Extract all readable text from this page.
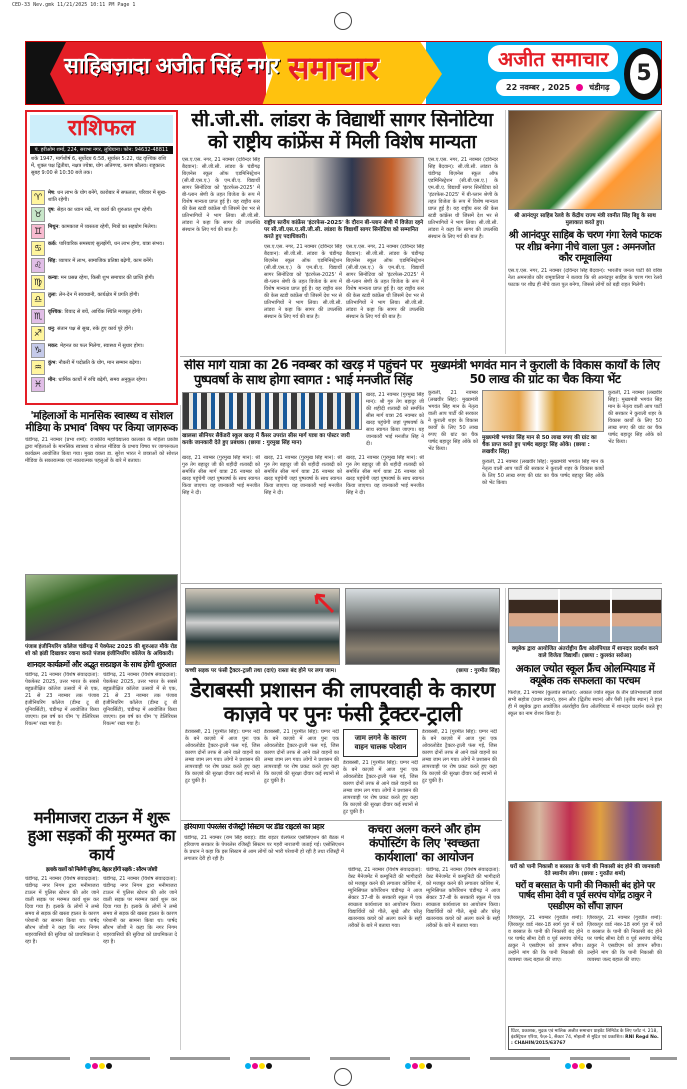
CED-33 Nev.gmk 11/21/2025 10:11 PM Page 1
साहिबज़ादा अजीत सिंह नगर समाचार	अजीत समाचार
22 नवम्बर , 2025 चंडीगढ़
5
राशिफल
पं. हरीओम शर्मा, 224, सराभा नगर, लुधियाना। फोन: 94632-48811
शके 1947, मार्गशीर्ष 6, सूर्योदय 6:58, सूर्यास्त 5:22, चंद्र वृश्चिक राशि में, शुक्ल पक्ष द्वितीया, नक्षत्र ज्येष्ठा, योग अतिगण्ड, करण कौलव। राहुकाल: सुबह 9:00 से 10:30 बजे तक।
♈	मेष: धन लाभ के योग बनेंगे, कारोबार में सफलता, परिवार में सुख-शांति रहेगी।

♉	वृष: सेहत का ध्यान रखें, नए कार्य की शुरुआत शुभ रहेगी।

♊	मिथुन: कामकाज में व्यस्तता रहेगी, मित्रों का सहयोग मिलेगा।

♋	कर्क: पारिवारिक समस्याएं सुलझेंगी, धन लाभ होगा, यात्रा संभव।

♌	सिंह: व्यापार में लाभ, सामाजिक प्रतिष्ठा बढ़ेगी, काम बनेंगे।

♍	कन्या: मन प्रसन्न रहेगा, किसी शुभ समाचार की प्राप्ति होगी।

♎	तुला: लेन-देन में सावधानी, कार्यक्षेत्र में प्रगति होगी।

♏	वृश्चिक: विवाद से बचें, आर्थिक स्थिति मजबूत होगी।

♐	धनु: संतान पक्ष से सुख, रुके हुए कार्य पूरे होंगे।

♑	मकर: मेहनत का फल मिलेगा, स्वास्थ्य में सुधार होगा।

♒	कुंभ: नौकरी में पदोन्नति के योग, मान सम्मान बढ़ेगा।

♓	मीन: धार्मिक कार्यों में रुचि बढ़ेगी, समय अनुकूल रहेगा।

'महिलाओं के मानसिक स्वास्थ्य व सोशल मीडिया के प्रभाव' विषय पर किया जागरूक
चंडीगढ़, 21 नवम्बर (प्रभा शर्मा): राजकीय महाविद्यालय कालका के महिला प्रकोष्ठ द्वारा महिलाओं के मानसिक स्वास्थ्य व सोशल मीडिया के प्रभाव विषय पर जागरूकता कार्यक्रम आयोजित किया गया। मुख्य वक्ता डा. सुरेश भारत ने छात्राओं को सोशल मीडिया के सकारात्मक एवं नकारात्मक पहलुओं के बारे में बताया।
पंजाब इंजीनियरिंग कॉलेज चंडीगढ़ में पेक्फेस्ट 2025 की शुरुआत मौके रोड शो को झंडी दिखाकर रवाना करते पंजाब इंजीनियरिंग कॉलेज के अधिकारी।
शानदार कार्यक्रमों और अद्भुत सरप्राइज के साथ होगी शुरुआत
चंडीगढ़, 21 नवम्बर (विशेष संवाददाता): पेकफेस्ट 2025, उत्तर भारत के सबसे बहुप्रतीक्षित कॉलेज उत्सवों में से एक, 21 से 23 नवम्बर तक पंजाब इंजीनियरिंग कॉलेज (डीम्ड टू बी यूनिवर्सिटी), चंडीगढ़ में आयोजित किया जाएगा। इस वर्ष का थीम 'ए डेलिरियस रियल्म' रखा गया है।
चंडीगढ़, 21 नवम्बर (विशेष संवाददाता): पेकफेस्ट 2025, उत्तर भारत के सबसे बहुप्रतीक्षित कॉलेज उत्सवों में से एक, 21 से 23 नवम्बर तक पंजाब इंजीनियरिंग कॉलेज (डीम्ड टू बी यूनिवर्सिटी), चंडीगढ़ में आयोजित किया जाएगा। इस वर्ष का थीम 'ए डेलिरियस रियल्म' रखा गया है।
मनीमाजरा टाऊन में शुरू हुआ सड़कों की मुरम्मत का कार्य
इलाके वालों को मिलेगी सुविधा, बेहतर होंगी सड़कें : सौरभ जोशी
चंडीगढ़, 21 नवम्बर (विशेष संवाददाता): चंडीगढ़ नगर निगम द्वारा मनीमाजरा टाऊन में पुलिस स्टेशन की ओर जाने वाली सड़क पर मरम्मत कार्य शुरू कर दिया गया है। इलाके के लोगों ने लम्बे समय से सड़क की खस्ता हालत के कारण परेशानी का सामना किया था। पार्षद सौरभ जोशी ने कहा कि नगर निगम शहरवासियों की सुविधा को प्राथमिकता दे रहा है।
चंडीगढ़, 21 नवम्बर (विशेष संवाददाता): चंडीगढ़ नगर निगम द्वारा मनीमाजरा टाऊन में पुलिस स्टेशन की ओर जाने वाली सड़क पर मरम्मत कार्य शुरू कर दिया गया है। इलाके के लोगों ने लम्बे समय से सड़क की खस्ता हालत के कारण परेशानी का सामना किया था। पार्षद सौरभ जोशी ने कहा कि नगर निगम शहरवासियों की सुविधा को प्राथमिकता दे रहा है।
सी.जी.सी. लांडरा के विद्यार्थी सागर सिनोटिया को राष्ट्रीय कांफ्रेंस में मिली विशेष मान्यता
एस.ए.एस. नगर, 21 नवम्बर (दविन्दर सिंह बैदवान): सी.जी.सी. लांडरा के चंडीगढ़ बिज़नेस स्कूल ऑफ एडमिनिस्ट्रेशन (सी.बी.एस.ए.) के एम.बी.ए. विद्यार्थी सागर सिनोटिया को 'इंटरफेस-2025' में बी-प्लान श्रेणी के तहत विजेता के रूप में विशेष मान्यता प्राप्त हुई है। यह राष्ट्रीय स्तर की केस स्टडी कांफ्रेंस थी जिसमें देश भर से प्रतिभागियों ने भाग लिया। सी.जी.सी. लांडरा ने कहा कि सागर की उपलब्धि संस्थान के लिए गर्व की बात है।
राष्ट्रीय स्तरीय कांफ्रेंस 'इंटरफेस-2025' के दौरान बी-प्लान श्रेणी में विजेता रहने पर सी.जी.एस.ए.सी.जी.सी. लांडरा के विद्यार्थी सागर सिनोटिया को सम्मानित करते हुए पदाधिकारी।
एस.ए.एस. नगर, 21 नवम्बर (दविन्दर सिंह बैदवान): सी.जी.सी. लांडरा के चंडीगढ़ बिज़नेस स्कूल ऑफ एडमिनिस्ट्रेशन (सी.बी.एस.ए.) के एम.बी.ए. विद्यार्थी सागर सिनोटिया को 'इंटरफेस-2025' में बी-प्लान श्रेणी के तहत विजेता के रूप में विशेष मान्यता प्राप्त हुई है। यह राष्ट्रीय स्तर की केस स्टडी कांफ्रेंस थी जिसमें देश भर से प्रतिभागियों ने भाग लिया। सी.जी.सी. लांडरा ने कहा कि सागर की उपलब्धि संस्थान के लिए गर्व की बात है।
एस.ए.एस. नगर, 21 नवम्बर (दविन्दर सिंह बैदवान): सी.जी.सी. लांडरा के चंडीगढ़ बिज़नेस स्कूल ऑफ एडमिनिस्ट्रेशन (सी.बी.एस.ए.) के एम.बी.ए. विद्यार्थी सागर सिनोटिया को 'इंटरफेस-2025' में बी-प्लान श्रेणी के तहत विजेता के रूप में विशेष मान्यता प्राप्त हुई है। यह राष्ट्रीय स्तर की केस स्टडी कांफ्रेंस थी जिसमें देश भर से प्रतिभागियों ने भाग लिया। सी.जी.सी. लांडरा ने कहा कि सागर की उपलब्धि संस्थान के लिए गर्व की बात है।
एस.ए.एस. नगर, 21 नवम्बर (दविन्दर सिंह बैदवान): सी.जी.सी. लांडरा के चंडीगढ़ बिज़नेस स्कूल ऑफ एडमिनिस्ट्रेशन (सी.बी.एस.ए.) के एम.बी.ए. विद्यार्थी सागर सिनोटिया को 'इंटरफेस-2025' में बी-प्लान श्रेणी के तहत विजेता के रूप में विशेष मान्यता प्राप्त हुई है। यह राष्ट्रीय स्तर की केस स्टडी कांफ्रेंस थी जिसमें देश भर से प्रतिभागियों ने भाग लिया। सी.जी.सी. लांडरा ने कहा कि सागर की उपलब्धि संस्थान के लिए गर्व की बात है।
श्री आनंदपुर साहिब रेलवे के केंद्रीय राज्य मंत्री रवनीत सिंह बिट्टू के साथ मुलाकात करते हुए।
श्री आनंदपुर साहिब के चरण गंगा रेलवे फाटक पर शीघ्र बनेगा नीचे वाला पुल : अमनजोत कौर रामूवालिया
एस.ए.एस. नगर, 21 नवम्बर (दविन्दर सिंह बैदवान): भारतीय जनता पार्टी की वरिष्ठ नेता अमनजोत कौर रामूवालिया ने बताया कि श्री आनंदपुर साहिब के चरण गंगा रेलवे फाटक पर शीघ्र ही नीचे वाला पुल बनेगा, जिससे लोगों को बड़ी राहत मिलेगी।
सीस मार्ग यात्रा का 26 नवम्बर को खरड़ में पहुंचने पर पुष्पवर्षा के साथ होगा स्वागत : भाई मनजीत सिंह
खालसा सीनियर सैकेंडरी स्कूल खरड़ में कैंसर उपरांत सीस मार्ग यात्रा का पोस्टर जारी करके जानकारी देते हुए प्रबंधक। (छाया : गुरमुख सिंह मान)
खरड़, 21 नवम्बर (गुरमुख सिंह मान): श्री गुरु तेग बहादुर जी की शहीदी शताब्दी को समर्पित सीस मार्ग यात्रा 26 नवम्बर को खरड़ पहुंचेगी जहां पुष्पवर्षा के साथ स्वागत किया जाएगा। यह जानकारी भाई मनजीत सिंह ने दी।
खरड़, 21 नवम्बर (गुरमुख सिंह मान): श्री गुरु तेग बहादुर जी की शहीदी शताब्दी को समर्पित सीस मार्ग यात्रा 26 नवम्बर को खरड़ पहुंचेगी जहां पुष्पवर्षा के साथ स्वागत किया जाएगा। यह जानकारी भाई मनजीत सिंह ने दी।
खरड़, 21 नवम्बर (गुरमुख सिंह मान): श्री गुरु तेग बहादुर जी की शहीदी शताब्दी को समर्पित सीस मार्ग यात्रा 26 नवम्बर को खरड़ पहुंचेगी जहां पुष्पवर्षा के साथ स्वागत किया जाएगा। यह जानकारी भाई मनजीत सिंह ने दी।
खरड़, 21 नवम्बर (गुरमुख सिंह मान): श्री गुरु तेग बहादुर जी की शहीदी शताब्दी को समर्पित सीस मार्ग यात्रा 26 नवम्बर को खरड़ पहुंचेगी जहां पुष्पवर्षा के साथ स्वागत किया जाएगा। यह जानकारी भाई मनजीत सिंह ने दी।
मुख्यमंत्री भगवंत मान ने कुराली के विकास कार्यों के लिए 50 लाख की ग्रांट का चैक किया भेंट
कुराली, 21 नवम्बर (लखवीर सिंह): मुख्यमंत्री भगवंत सिंह मान के नेतृत्व वाली आप पार्टी की सरकार ने कुराली शहर के विकास कार्यों के लिए 50 लाख रुपए की ग्रांट का चैक पार्षद बहादुर सिंह ओके को भेंट किया।
मुख्यमंत्री भगवंत सिंह मान से 50 लाख रुपए की ग्रांट का चैक प्राप्त करते हुए पार्षद बहादुर सिंह ओके। (छाया : लखवीर सिंह)
कुराली, 21 नवम्बर (लखवीर सिंह): मुख्यमंत्री भगवंत सिंह मान के नेतृत्व वाली आप पार्टी की सरकार ने कुराली शहर के विकास कार्यों के लिए 50 लाख रुपए की ग्रांट का चैक पार्षद बहादुर सिंह ओके को भेंट किया।
कुराली, 21 नवम्बर (लखवीर सिंह): मुख्यमंत्री भगवंत सिंह मान के नेतृत्व वाली आप पार्टी की सरकार ने कुराली शहर के विकास कार्यों के लिए 50 लाख रुपए की ग्रांट का चैक पार्षद बहादुर सिंह ओके को भेंट किया।
कच्ची सड़क पर फंसी ट्रैक्टर-ट्राली तथा (दाएं) रास्ता बंद होने पर लगा जाम।	(छाया : गुरमीत सिंह)
डेराबस्सी प्रशासन की लापरवाही के कारण काज़वे पर पुनः फंसी ट्रैक्टर-ट्राली
डेराबस्सी, 21 (गुरमीत सिंह): घग्गर नदी के बने काज़वे में आज पुनः एक ओवरलोडेड ट्रैक्टर-ट्राली फंस गई, जिस कारण दोनों तरफ से आने वाले वाहनों का लम्बा जाम लग गया। लोगों ने प्रशासन की लापरवाही पर रोष प्रकट करते हुए कहा कि काज़वे की सुरक्षा दीवार कई स्थानों से टूट चुकी है।
डेराबस्सी, 21 (गुरमीत सिंह): घग्गर नदी के बने काज़वे में आज पुनः एक ओवरलोडेड ट्रैक्टर-ट्राली फंस गई, जिस कारण दोनों तरफ से आने वाले वाहनों का लम्बा जाम लग गया। लोगों ने प्रशासन की लापरवाही पर रोष प्रकट करते हुए कहा कि काज़वे की सुरक्षा दीवार कई स्थानों से टूट चुकी है।
जाम लगने के कारण वाहन चालक परेशान
डेराबस्सी, 21 (गुरमीत सिंह): घग्गर नदी के बने काज़वे में आज पुनः एक ओवरलोडेड ट्रैक्टर-ट्राली फंस गई, जिस कारण दोनों तरफ से आने वाले वाहनों का लम्बा जाम लग गया। लोगों ने प्रशासन की लापरवाही पर रोष प्रकट करते हुए कहा कि काज़वे की सुरक्षा दीवार कई स्थानों से टूट चुकी है।
डेराबस्सी, 21 (गुरमीत सिंह): घग्गर नदी के बने काज़वे में आज पुनः एक ओवरलोडेड ट्रैक्टर-ट्राली फंस गई, जिस कारण दोनों तरफ से आने वाले वाहनों का लम्बा जाम लग गया। लोगों ने प्रशासन की लापरवाही पर रोष प्रकट करते हुए कहा कि काज़वे की सुरक्षा दीवार कई स्थानों से टूट चुकी है।
क्यूबेक द्वारा आयोजित अंतर्राष्ट्रीय फ्रैंच ओलंपियाड में शानदार प्रदर्शन करने वाले विजेता विद्यार्थी। (छाया : कुलवंत सरोआ)
अकाल ज्योत स्कूल फ्रैंच ओलम्पियाड में क्यूबेक तक सफलता का परचम
फिरोज़, 21 नवम्बर (कुलवंत सरोआ): अकाल ज्योत स्कूल के तीन प्रतिभाशाली छात्रों सभी सहोत्रा (प्रथम स्थान), हरुन और (द्वितीय स्थान) और पैसी (तृतीय स्थान) ने हाल ही में क्यूबेक द्वारा आयोजित अंतर्राष्ट्रीय फ्रैंच ओलंपियाड में शानदार प्रदर्शन करते हुए स्कूल का नाम रोशन किया है।
घरों को पानी निकासी व बरसात के पानी की निकासी बंद होने की जानकारी देते स्थानीय लोग। (छाया : गुरप्रीत शर्मा)
घरों व बरसात के पानी की निकासी बंद होने पर पार्षद सीमा देवी व पूर्व सरपंच योगेंद्र ठाकुर ने एसडीएम को सौंपा ज्ञापन
ज़िरकपुर, 21 नवम्बर (गुरप्रीत शर्मा): ज़िरकपुर वार्ड नंबर-18 स्वर्ग पुरा में घरों व बरसात के पानी की निकासी बंद होने पर पार्षद सीमा देवी व पूर्व सरपंच योगेंद्र ठाकुर ने एसडीएम को ज्ञापन सौंपा। उन्होंने मांग की कि पानी निकासी की व्यवस्था जल्द बहाल की जाए।
ज़िरकपुर, 21 नवम्बर (गुरप्रीत शर्मा): ज़िरकपुर वार्ड नंबर-18 स्वर्ग पुरा में घरों व बरसात के पानी की निकासी बंद होने पर पार्षद सीमा देवी व पूर्व सरपंच योगेंद्र ठाकुर ने एसडीएम को ज्ञापन सौंपा। उन्होंने मांग की कि पानी निकासी की व्यवस्था जल्द बहाल की जाए।
प्रिंटर, प्रकाशक, मुद्रक एवं मालिक अजीत समाचार प्राइवेट लिमिटेड के लिए प्लॉट नं. 218, इंडस्ट्रियल एरिया, फेज़-1, सैक्टर 74, मोहाली से मुद्रित एवं प्रकाशित। RNI Regd No. : CHAHIN/2015/63767
हरियाणा पेपरलेस रजिस्ट्री सिस्टम पर डीड राइटर्स का प्रहार
चंडीगढ़, 21 नवम्बर (राम सिंह बराड़): डीड राइटर वेलफेयर एसोसिएशन की बैठक में हरियाणा सरकार के पेपरलेस रजिस्ट्री सिस्टम पर गहरी नाराजगी जताई गई। एसोसिएशन के प्रधान ने कहा कि इस सिस्टम से आम लोगों को भारी परेशानी हो रही है तथा रजिस्ट्री में लगातार देरी हो रही है।
कचरा अलग करने और होम कंपोस्टिंग के लिए 'स्वच्छता कार्यशाला' का आयोजन
चंडीगढ़, 21 नवम्बर (विशेष संवाददाता): वेस्ट मैनेजमेंट में कम्युनिटी की भागीदारी को मजबूत करने की लगातार कोशिश में, म्युनिसिपल कॉर्पोरेशन चंडीगढ़ ने आज सेक्टर 37-बी के सरकारी स्कूल में एक स्वच्छता कार्यशाला का आयोजन किया। विद्यार्थियों को गीले, सूखे और घरेलू खतरनाक कचरे को अलग करने के सही तरीकों के बारे में बताया गया।
चंडीगढ़, 21 नवम्बर (विशेष संवाददाता): वेस्ट मैनेजमेंट में कम्युनिटी की भागीदारी को मजबूत करने की लगातार कोशिश में, म्युनिसिपल कॉर्पोरेशन चंडीगढ़ ने आज सेक्टर 37-बी के सरकारी स्कूल में एक स्वच्छता कार्यशाला का आयोजन किया। विद्यार्थियों को गीले, सूखे और घरेलू खतरनाक कचरे को अलग करने के सही तरीकों के बारे में बताया गया।
